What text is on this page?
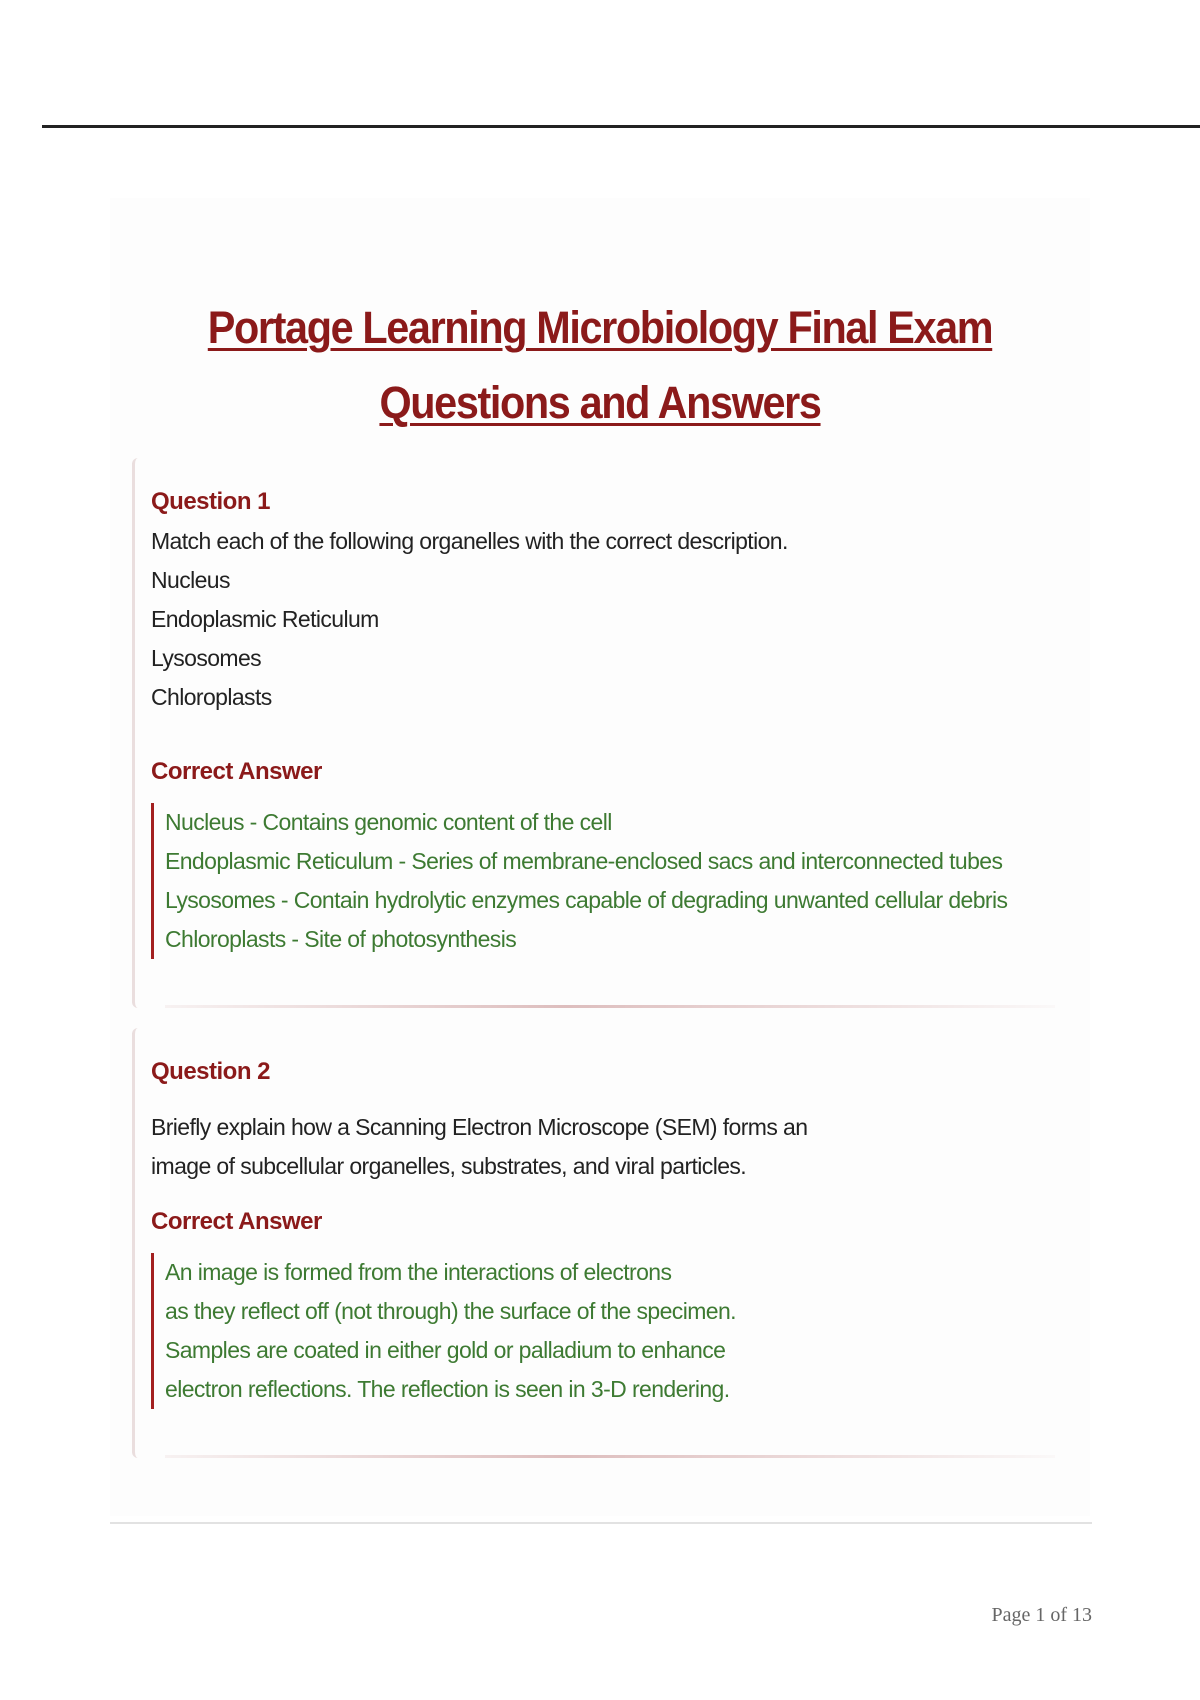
Portage Learning Microbiology Final Exam Questions and Answers
Question 1
Match each of the following organelles with the correct description.
Nucleus
Endoplasmic Reticulum
Lysosomes
Chloroplasts
Correct Answer
Nucleus - Contains genomic content of the cell
Endoplasmic Reticulum - Series of membrane-enclosed sacs and interconnected tubes
Lysosomes - Contain hydrolytic enzymes capable of degrading unwanted cellular debris
Chloroplasts - Site of photosynthesis
Question 2
Briefly explain how a Scanning Electron Microscope (SEM) forms an
image of subcellular organelles, substrates, and viral particles.
Correct Answer
An image is formed from the interactions of electrons
as they reflect off (not through) the surface of the specimen.
Samples are coated in either gold or palladium to enhance
electron reflections. The reflection is seen in 3-D rendering.
Page 1 of 13
